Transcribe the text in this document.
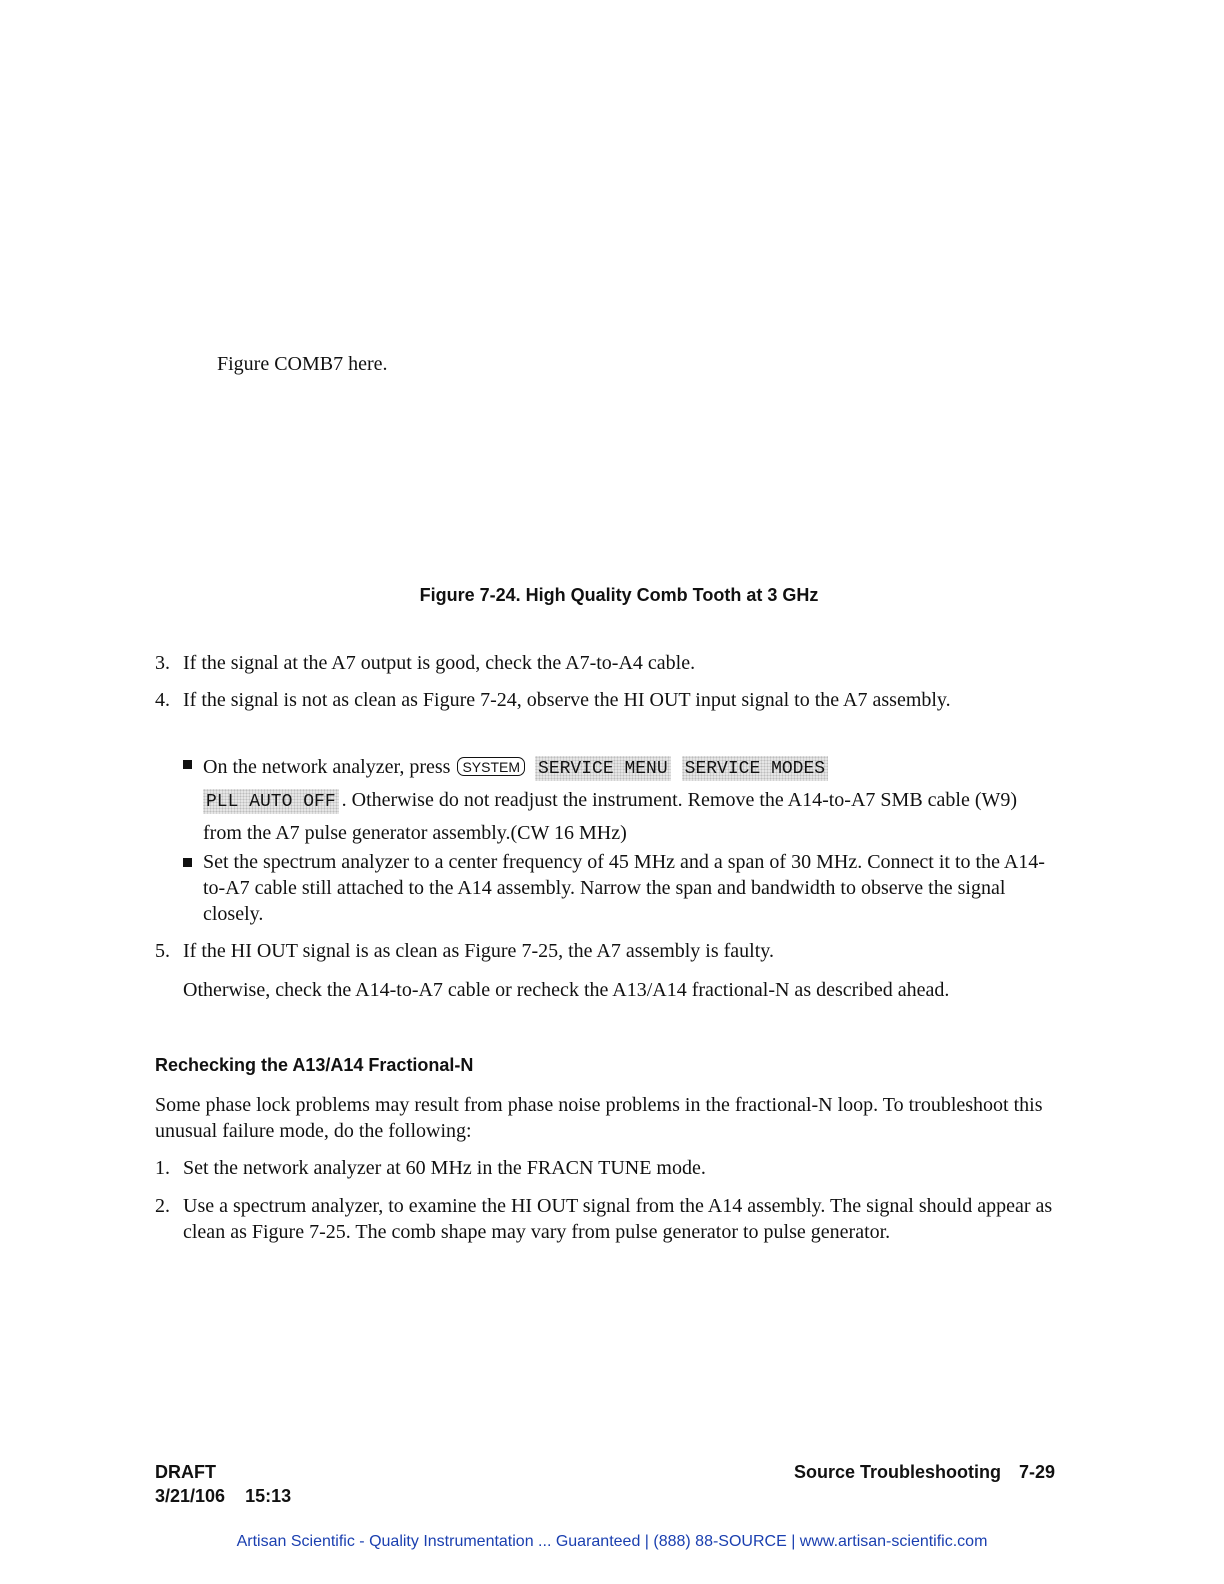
Figure COMB7 here.
Figure 7-24. High Quality Comb Tooth at 3 GHz
3. If the signal at the A7 output is good, check the A7-to-A4 cable.
4. If the signal is not as clean as Figure 7-24, observe the HI OUT input signal to the A7 assembly.
On the network analyzer, press SYSTEM SERVICE MENU SERVICE MODES
PLL AUTO OFF . Otherwise do not readjust the instrument. Remove the A14-to-A7 SMB cable (W9) from the A7 pulse generator assembly.(CW 16 MHz)
Set the spectrum analyzer to a center frequency of 45 MHz and a span of 30 MHz. Connect it to the A14-to-A7 cable still attached to the A14 assembly. Narrow the span and bandwidth to observe the signal closely.
5. If the HI OUT signal is as clean as Figure 7-25, the A7 assembly is faulty.
Otherwise, check the A14-to-A7 cable or recheck the A13/A14 fractional-N as described ahead.
Rechecking the A13/A14 Fractional-N
Some phase lock problems may result from phase noise problems in the fractional-N loop. To troubleshoot this unusual failure mode, do the following:
1. Set the network analyzer at 60 MHz in the FRACN TUNE mode.
2. Use a spectrum analyzer, to examine the HI OUT signal from the A14 assembly. The signal should appear as clean as Figure 7-25. The comb shape may vary from pulse generator to pulse generator.
DRAFT
3/21/106    15:13
Source Troubleshooting 7-29
Artisan Scientific - Quality Instrumentation ... Guaranteed | (888) 88-SOURCE | www.artisan-scientific.com
